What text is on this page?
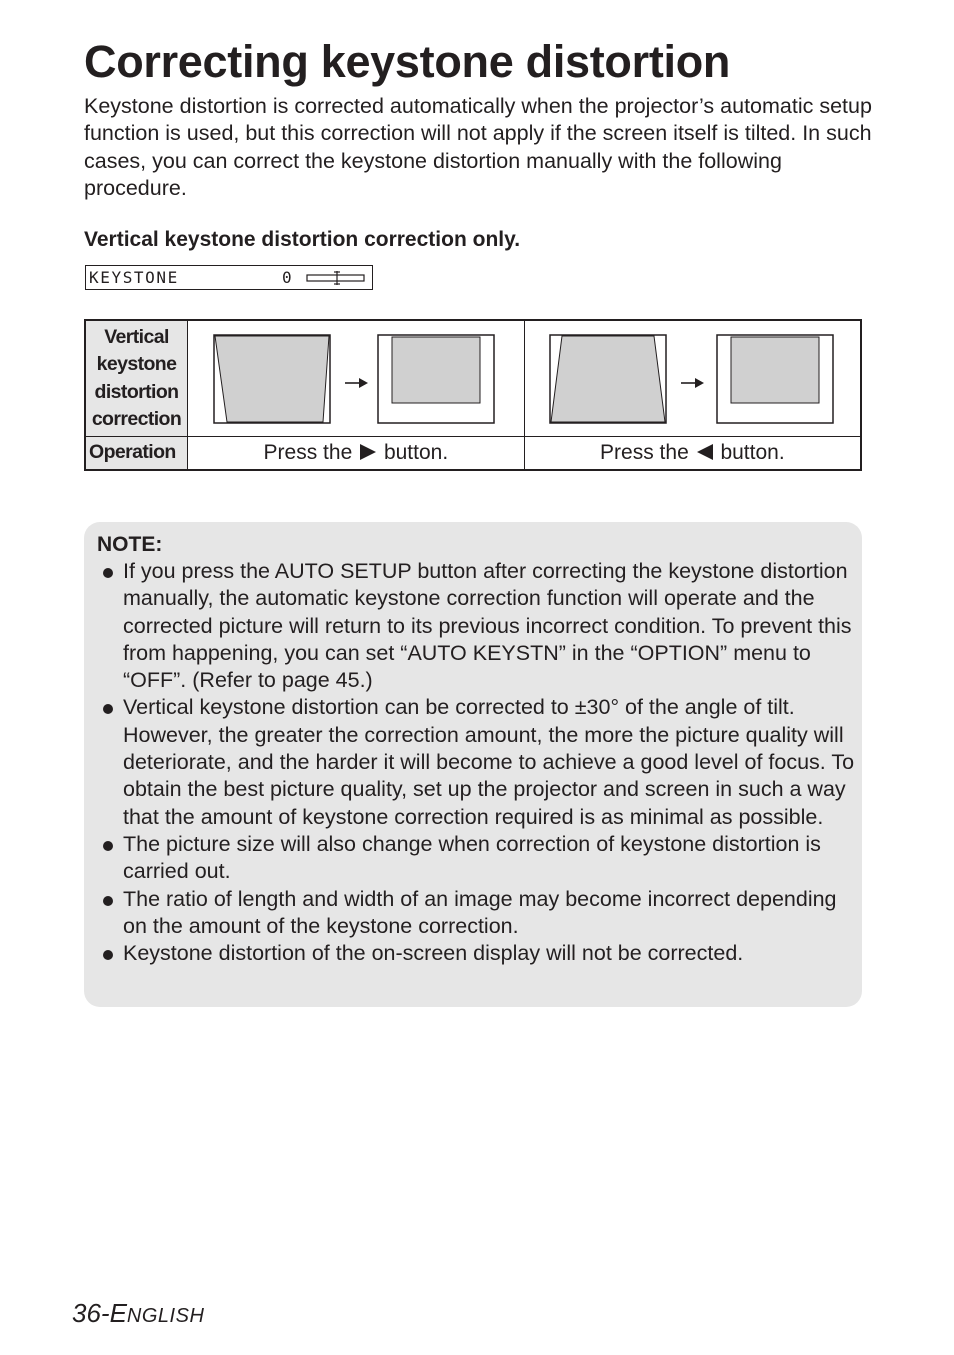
Correcting keystone distortion

Keystone distortion is corrected automatically when the projector’s automatic setup function is used, but this correction will not apply if the screen itself is tilted. In such cases, you can correct the keystone distortion manually with the following procedure.

Vertical keystone distortion correction only.

KEYSTONE	0
Vertical keystone distortion correction	

Operation	Press the button.	Press the button.

NOTE:

If you press the AUTO SETUP button after correcting the keystone distortion manually, the automatic keystone correction function will operate and the corrected picture will return to its previous incorrect condition. To prevent this from happening, you can set “AUTO KEYSTN” in the “OPTION” menu to “OFF”. (Refer to page 45.)
Vertical keystone distortion can be corrected to ±30° of the angle of tilt. However, the greater the correction amount, the more the picture quality will deteriorate, and the harder it will become to achieve a good level of focus. To obtain the best picture quality, set up the projector and screen in such a way that the amount of keystone correction required is as minimal as possible.
The picture size will also change when correction of keystone distortion is carried out.
The ratio of length and width of an image may become incorrect depending on the amount of the keystone correction.
Keystone distortion of the on-screen display will not be corrected.

36-ENGLISH
